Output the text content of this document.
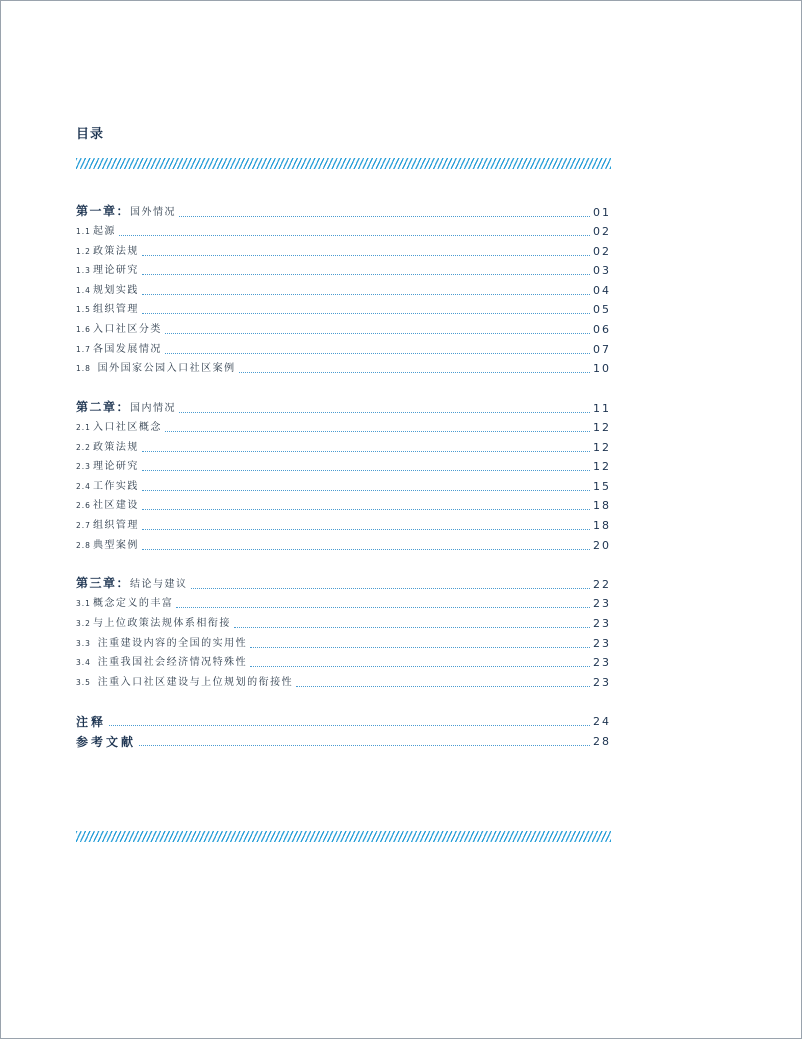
目录
第一章：国外情况	01
1.1 起源	02
1.2 政策法规	02
1.3 理论研究	03
1.4 规划实践	04
1.5 组织管理	05
1.6 入口社区分类	06
1.7 各国发展情况	07
1.8 国外国家公园入口社区案例	10
第二章：国内情况	11
2.1 入口社区概念	12
2.2 政策法规	12
2.3 理论研究	12
2.4 工作实践	15
2.6 社区建设	18
2.7 组织管理	18
2.8 典型案例	20
第三章：结论与建议	22
3.1 概念定义的丰富	23
3.2 与上位政策法规体系相衔接	23
3.3 注重建设内容的全国的实用性	23
3.4 注重我国社会经济情况特殊性	23
3.5 注重入口社区建设与上位规划的衔接性	23
注释	24
参考文献	28
